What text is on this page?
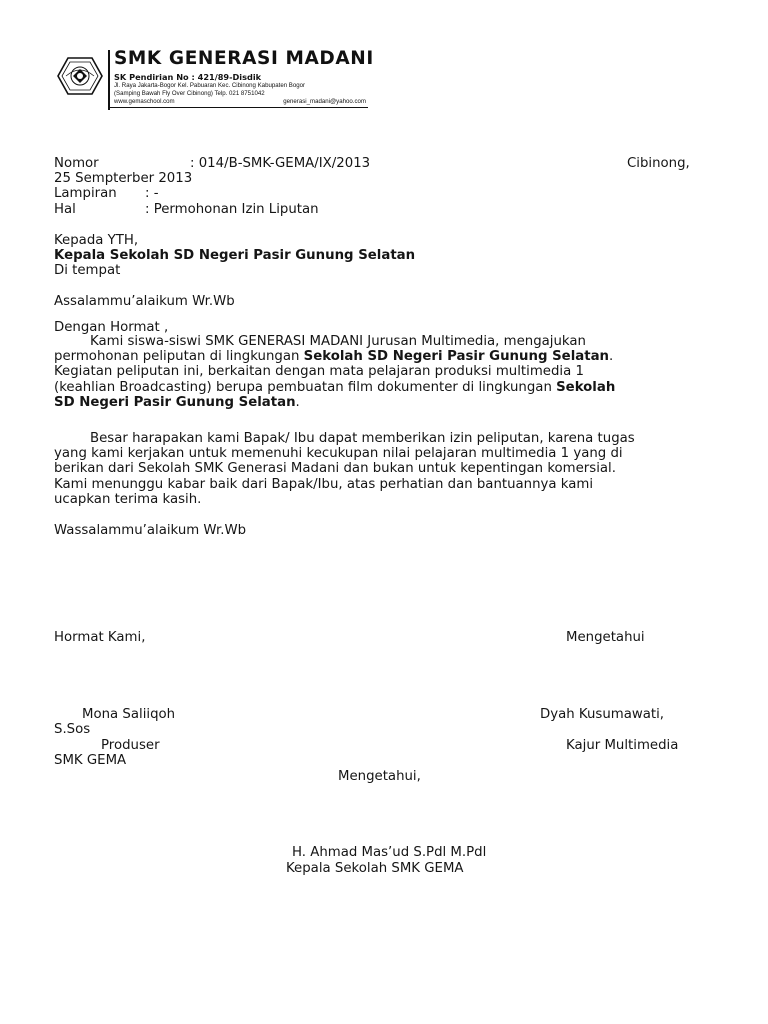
SMK GENERASI MADANI
SK Pendirian No : 421/89-Disdik
Jl. Raya Jakarta-Bogor Kel. Pabuaran Kec. Cibinong Kabupaten Bogor
(Samping Bawah Fly Over Cibinong) Telp. 021 8751042
www.gemaschool.com	generasi_madani@yahoo.com
Nomor	: 014/B-SMK-GEMA/IX/2013	Cibinong,
25 Sempterber 2013
Lampiran : -
Hal	: Permohonan Izin Liputan
Kepada YTH,
Kepala Sekolah SD Negeri Pasir Gunung Selatan
Di tempat
Assalammu’alaikum Wr.Wb
Dengan Hormat ,
Kami siswa-siswi SMK GENERASI MADANI Jurusan Multimedia, mengajukan
permohonan peliputan di lingkungan Sekolah SD Negeri Pasir Gunung Selatan.
Kegiatan peliputan ini, berkaitan dengan mata pelajaran produksi multimedia 1
(keahlian Broadcasting) berupa pembuatan film dokumenter di lingkungan Sekolah
SD Negeri Pasir Gunung Selatan.
Besar harapakan kami Bapak/ Ibu dapat memberikan izin peliputan, karena tugas
yang kami kerjakan untuk memenuhi kecukupan nilai pelajaran multimedia 1 yang di
berikan dari Sekolah SMK Generasi Madani dan bukan untuk kepentingan komersial.
Kami menunggu kabar baik dari Bapak/Ibu, atas perhatian dan bantuannya kami
ucapkan terima kasih.
Wassalammu’alaikum Wr.Wb
Hormat Kami,	Mengetahui
Mona Saliiqoh	Dyah Kusumawati,
S.Sos
Produser	Kajur Multimedia
SMK GEMA
Mengetahui,
H. Ahmad Mas’ud S.Pdl M.Pdl
Kepala Sekolah SMK GEMA
